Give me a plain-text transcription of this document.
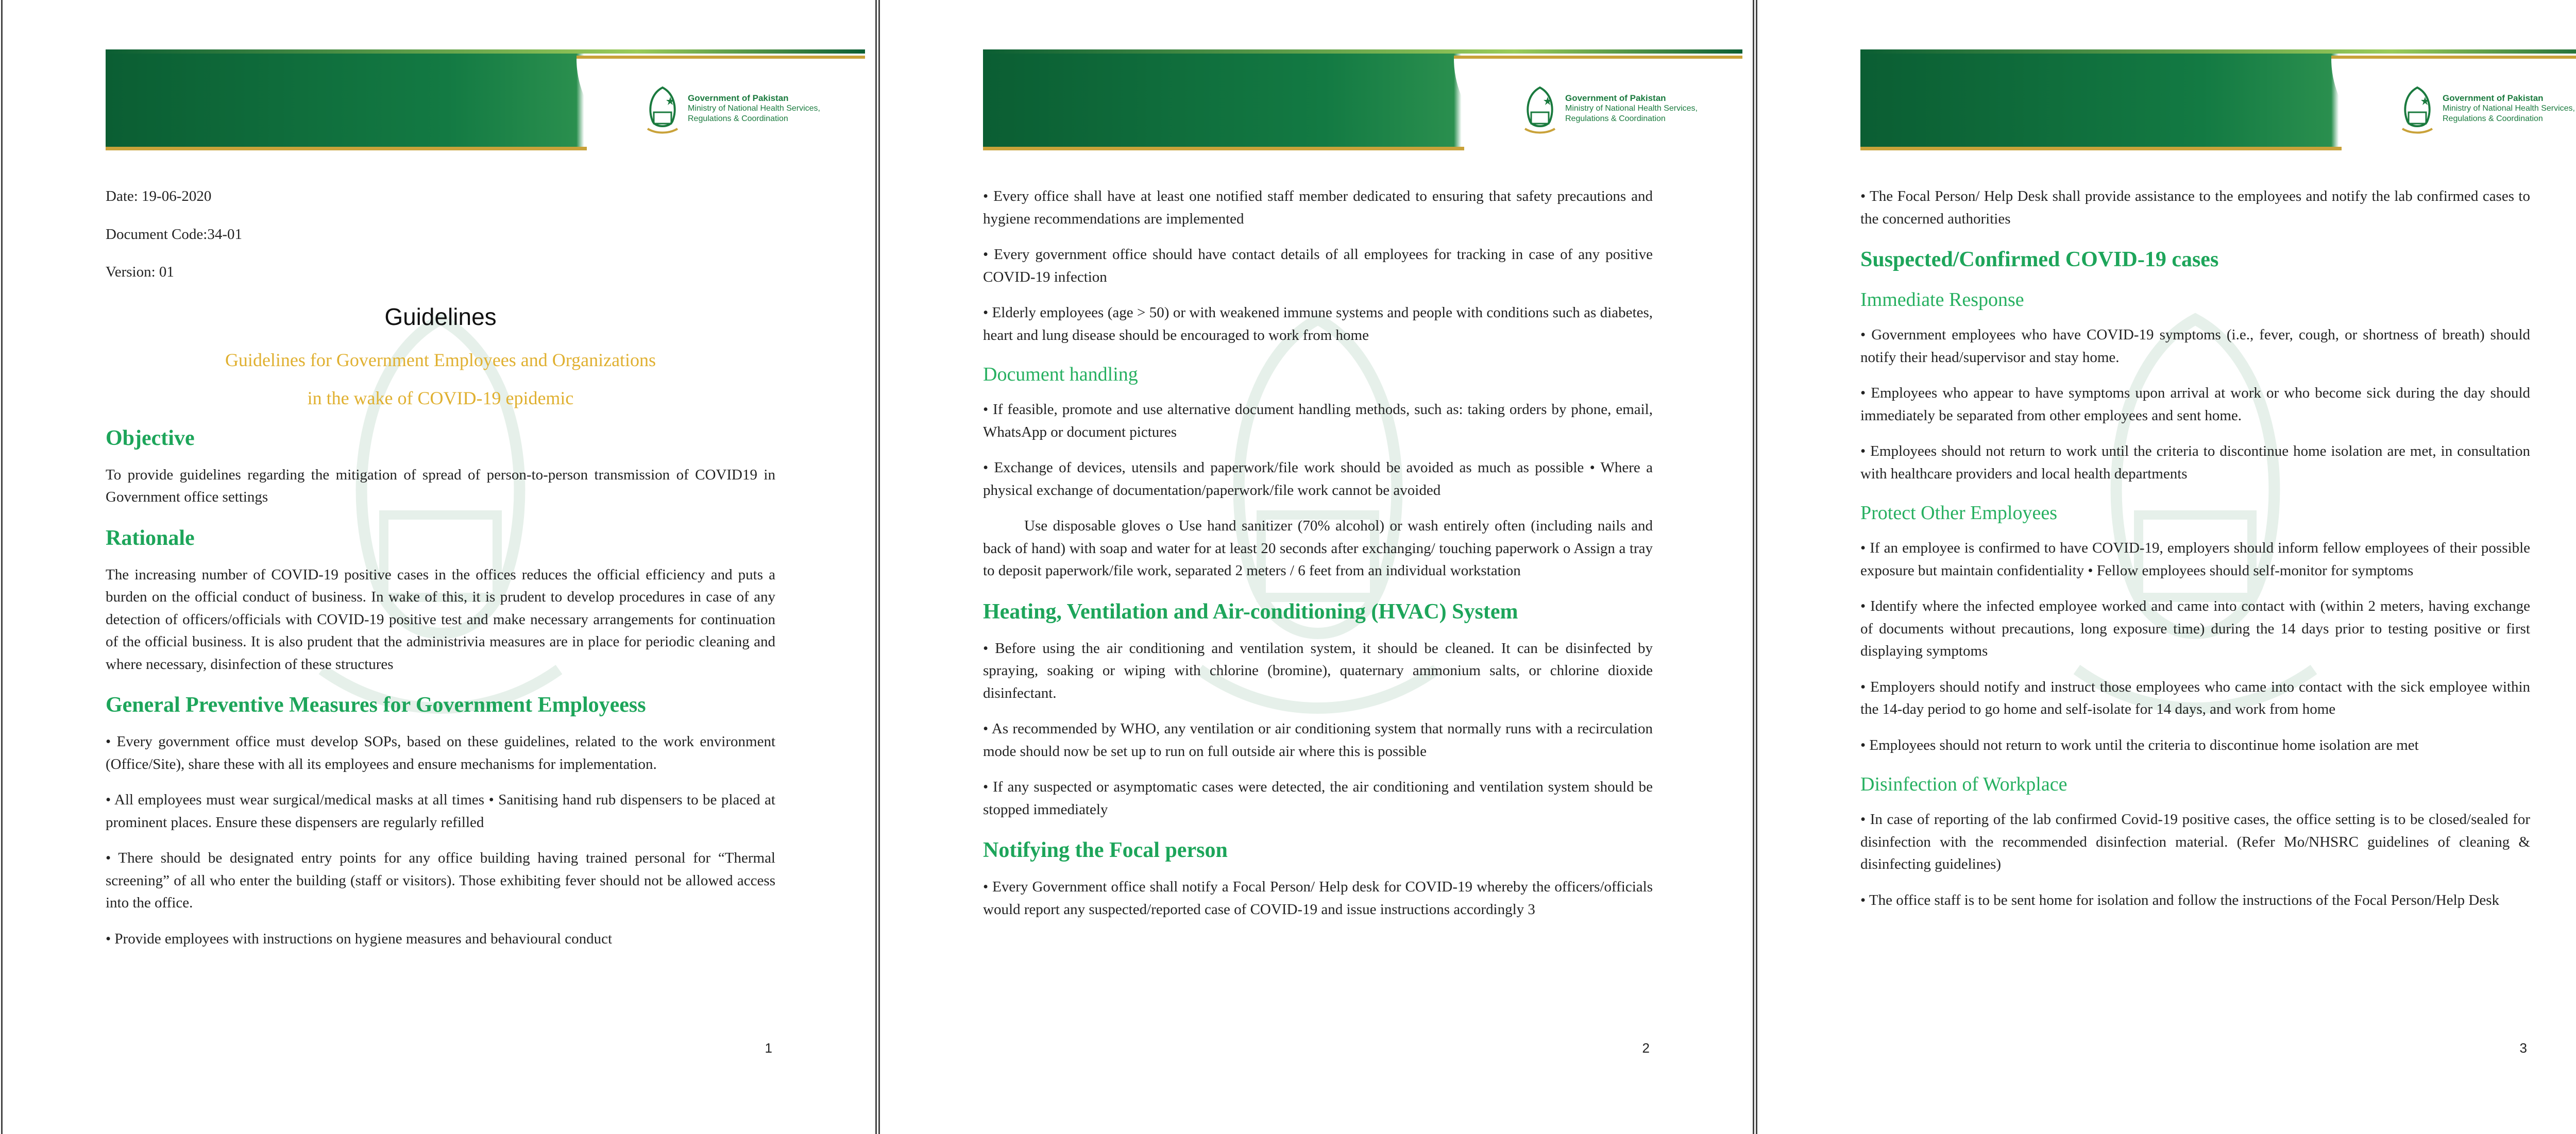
Government of Pakistan
Ministry of National Health Services,
Regulations & Coordination
Date: 19-06-2020
Document Code:34-01
Version: 01
Guidelines
Guidelines for Government Employees and Organizations
in the wake of COVID-19 epidemic
Objective

To provide guidelines regarding the mitigation of spread of person-to-person transmission of COVID19 in Government office settings

Rationale

The increasing number of COVID-19 positive cases in the offices reduces the official efficiency and puts a burden on the official conduct of business. In wake of this, it is prudent to develop procedures in case of any detection of officers/officials with COVID-19 positive test and make necessary arrangements for continuation of the official business. It is also prudent that the administrivia measures are in place for periodic cleaning and where necessary, disinfection of these structures

General Preventive Measures for Government Employeess

• Every government office must develop SOPs, based on these guidelines, related to the work environment (Office/Site), share these with all its employees and ensure mechanisms for implementation.

• All employees must wear surgical/medical masks at all times • Sanitising hand rub dispensers to be placed at prominent places. Ensure these dispensers are regularly refilled

• There should be designated entry points for any office building having trained personal for “Thermal screening” of all who enter the building (staff or visitors). Those exhibiting fever should not be allowed access into the office.

• Provide employees with instructions on hygiene measures and behavioural conduct

1
Government of Pakistan
Ministry of National Health Services,
Regulations & Coordination

• Every office shall have at least one notified staff member dedicated to ensuring that safety precautions and hygiene recommendations are implemented

• Every government office should have contact details of all employees for tracking in case of any positive COVID-19 infection

• Elderly employees (age > 50) or with weakened immune systems and people with conditions such as diabetes, heart and lung disease should be encouraged to work from home

Document handling

• If feasible, promote and use alternative document handling methods, such as: taking orders by phone, email, WhatsApp or document pictures

• Exchange of devices, utensils and paperwork/file work should be avoided as much as possible • Where a physical exchange of documentation/paperwork/file work cannot be avoided

Use disposable gloves o Use hand sanitizer (70% alcohol) or wash entirely often (including nails and back of hand) with soap and water for at least 20 seconds after exchanging/ touching paperwork o Assign a tray to deposit paperwork/file work, separated 2 meters / 6 feet from an individual workstation

Heating, Ventilation and Air-conditioning (HVAC) System

• Before using the air conditioning and ventilation system, it should be cleaned. It can be disinfected by spraying, soaking or wiping with chlorine (bromine), quaternary ammonium salts, or chlorine dioxide disinfectant.

• As recommended by WHO, any ventilation or air conditioning system that normally runs with a recirculation mode should now be set up to run on full outside air where this is possible

• If any suspected or asymptomatic cases were detected, the air conditioning and ventilation system should be stopped immediately

Notifying the Focal person

• Every Government office shall notify a Focal Person/ Help desk for COVID-19 whereby the officers/officials would report any suspected/reported case of COVID-19 and issue instructions accordingly 3

2
Government of Pakistan
Ministry of National Health Services,
Regulations & Coordination

• The Focal Person/ Help Desk shall provide assistance to the employees and notify the lab confirmed cases to the concerned authorities

Suspected/Confirmed COVID-19 cases
Immediate Response

• Government employees who have COVID-19 symptoms (i.e., fever, cough, or shortness of breath) should notify their head/supervisor and stay home.

• Employees who appear to have symptoms upon arrival at work or who become sick during the day should immediately be separated from other employees and sent home.

• Employees should not return to work until the criteria to discontinue home isolation are met, in consultation with healthcare providers and local health departments

Protect Other Employees

• If an employee is confirmed to have COVID-19, employers should inform fellow employees of their possible exposure but maintain confidentiality • Fellow employees should self-monitor for symptoms

• Identify where the infected employee worked and came into contact with (within 2 meters, having exchange of documents without precautions, long exposure time) during the 14 days prior to testing positive or first displaying symptoms

• Employers should notify and instruct those employees who came into contact with the sick employee within the 14-day period to go home and self-isolate for 14 days, and work from home

• Employees should not return to work until the criteria to discontinue home isolation are met

Disinfection of Workplace

• In case of reporting of the lab confirmed Covid-19 positive cases, the office setting is to be closed/sealed for disinfection with the recommended disinfection material. (Refer Mo/NHSRC guidelines of cleaning & disinfecting guidelines)

• The office staff is to be sent home for isolation and follow the instructions of the Focal Person/Help Desk

3
